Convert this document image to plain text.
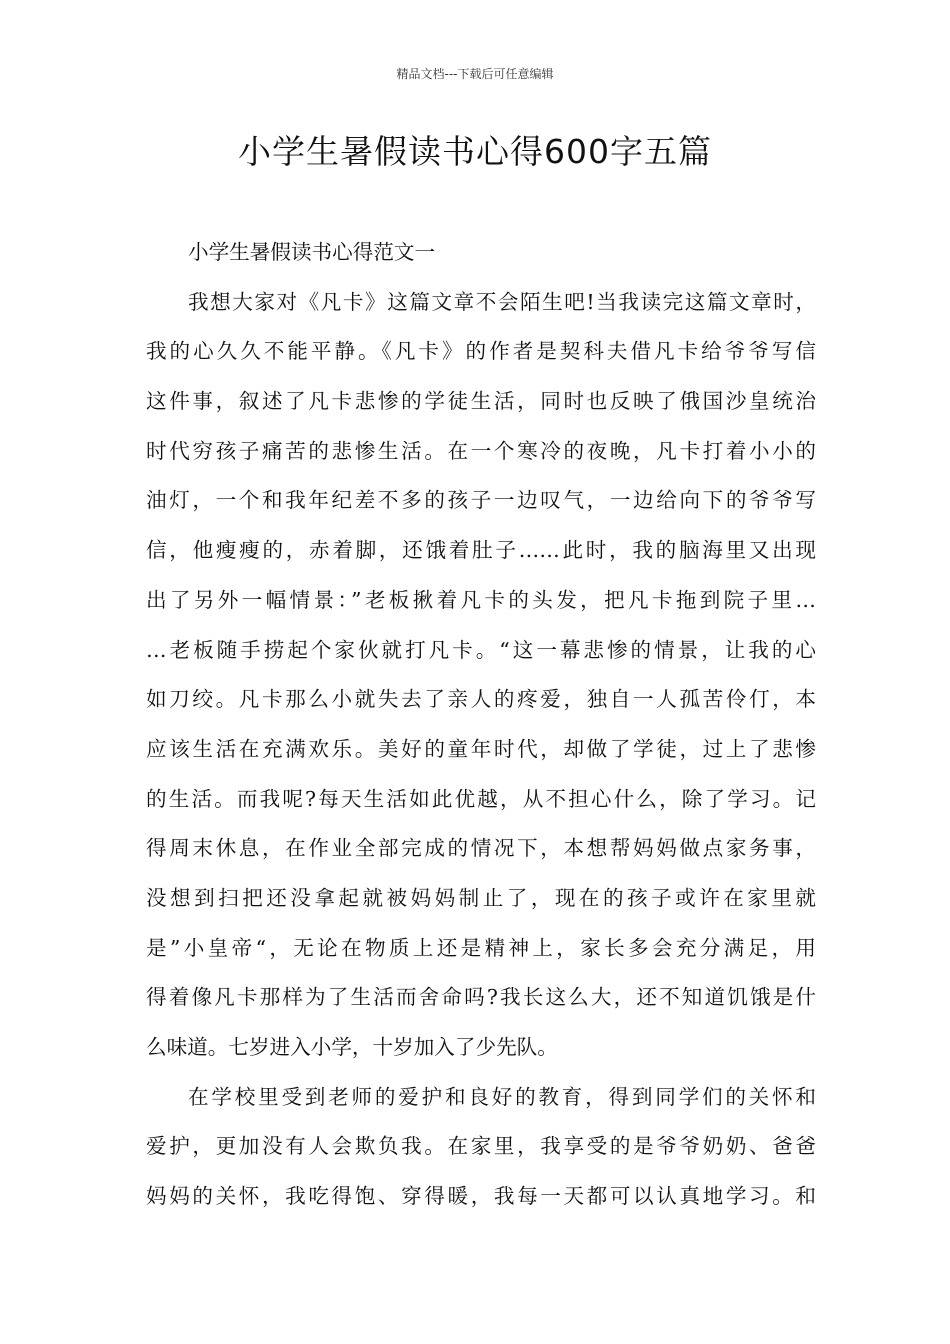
精品文档---下载后可任意编辑
小学生暑假读书心得600字五篇
小学生暑假读书心得范文一
我想大家对《凡卡》这篇文章不会陌生吧!当我读完这篇文章时，
我的心久久不能平静。《凡卡》的作者是契科夫借凡卡给爷爷写信
这件事，叙述了凡卡悲惨的学徒生活，同时也反映了俄国沙皇统治
时代穷孩子痛苦的悲惨生活。在一个寒冷的夜晚，凡卡打着小小的
油灯，一个和我年纪差不多的孩子一边叹气，一边给向下的爷爷写
信，他瘦瘦的，赤着脚，还饿着肚子……此时，我的脑海里又出现
出了另外一幅情景：”老板揪着凡卡的头发，把凡卡拖到院子里…
…老板随手捞起个家伙就打凡卡。“这一幕悲惨的情景，让我的心
如刀绞。凡卡那么小就失去了亲人的疼爱，独自一人孤苦伶仃，本
应该生活在充满欢乐。美好的童年时代，却做了学徒，过上了悲惨
的生活。而我呢?每天生活如此优越，从不担心什么，除了学习。记
得周末休息，在作业全部完成的情况下，本想帮妈妈做点家务事，
没想到扫把还没拿起就被妈妈制止了，现在的孩子或许在家里就
是”小皇帝“，无论在物质上还是精神上，家长多会充分满足，用
得着像凡卡那样为了生活而舍命吗?我长这么大，还不知道饥饿是什
么味道。七岁进入小学，十岁加入了少先队。
在学校里受到老师的爱护和良好的教育，得到同学们的关怀和
爱护，更加没有人会欺负我。在家里，我享受的是爷爷奶奶、爸爸
妈妈的关怀，我吃得饱、穿得暖，我每一天都可以认真地学习。和
